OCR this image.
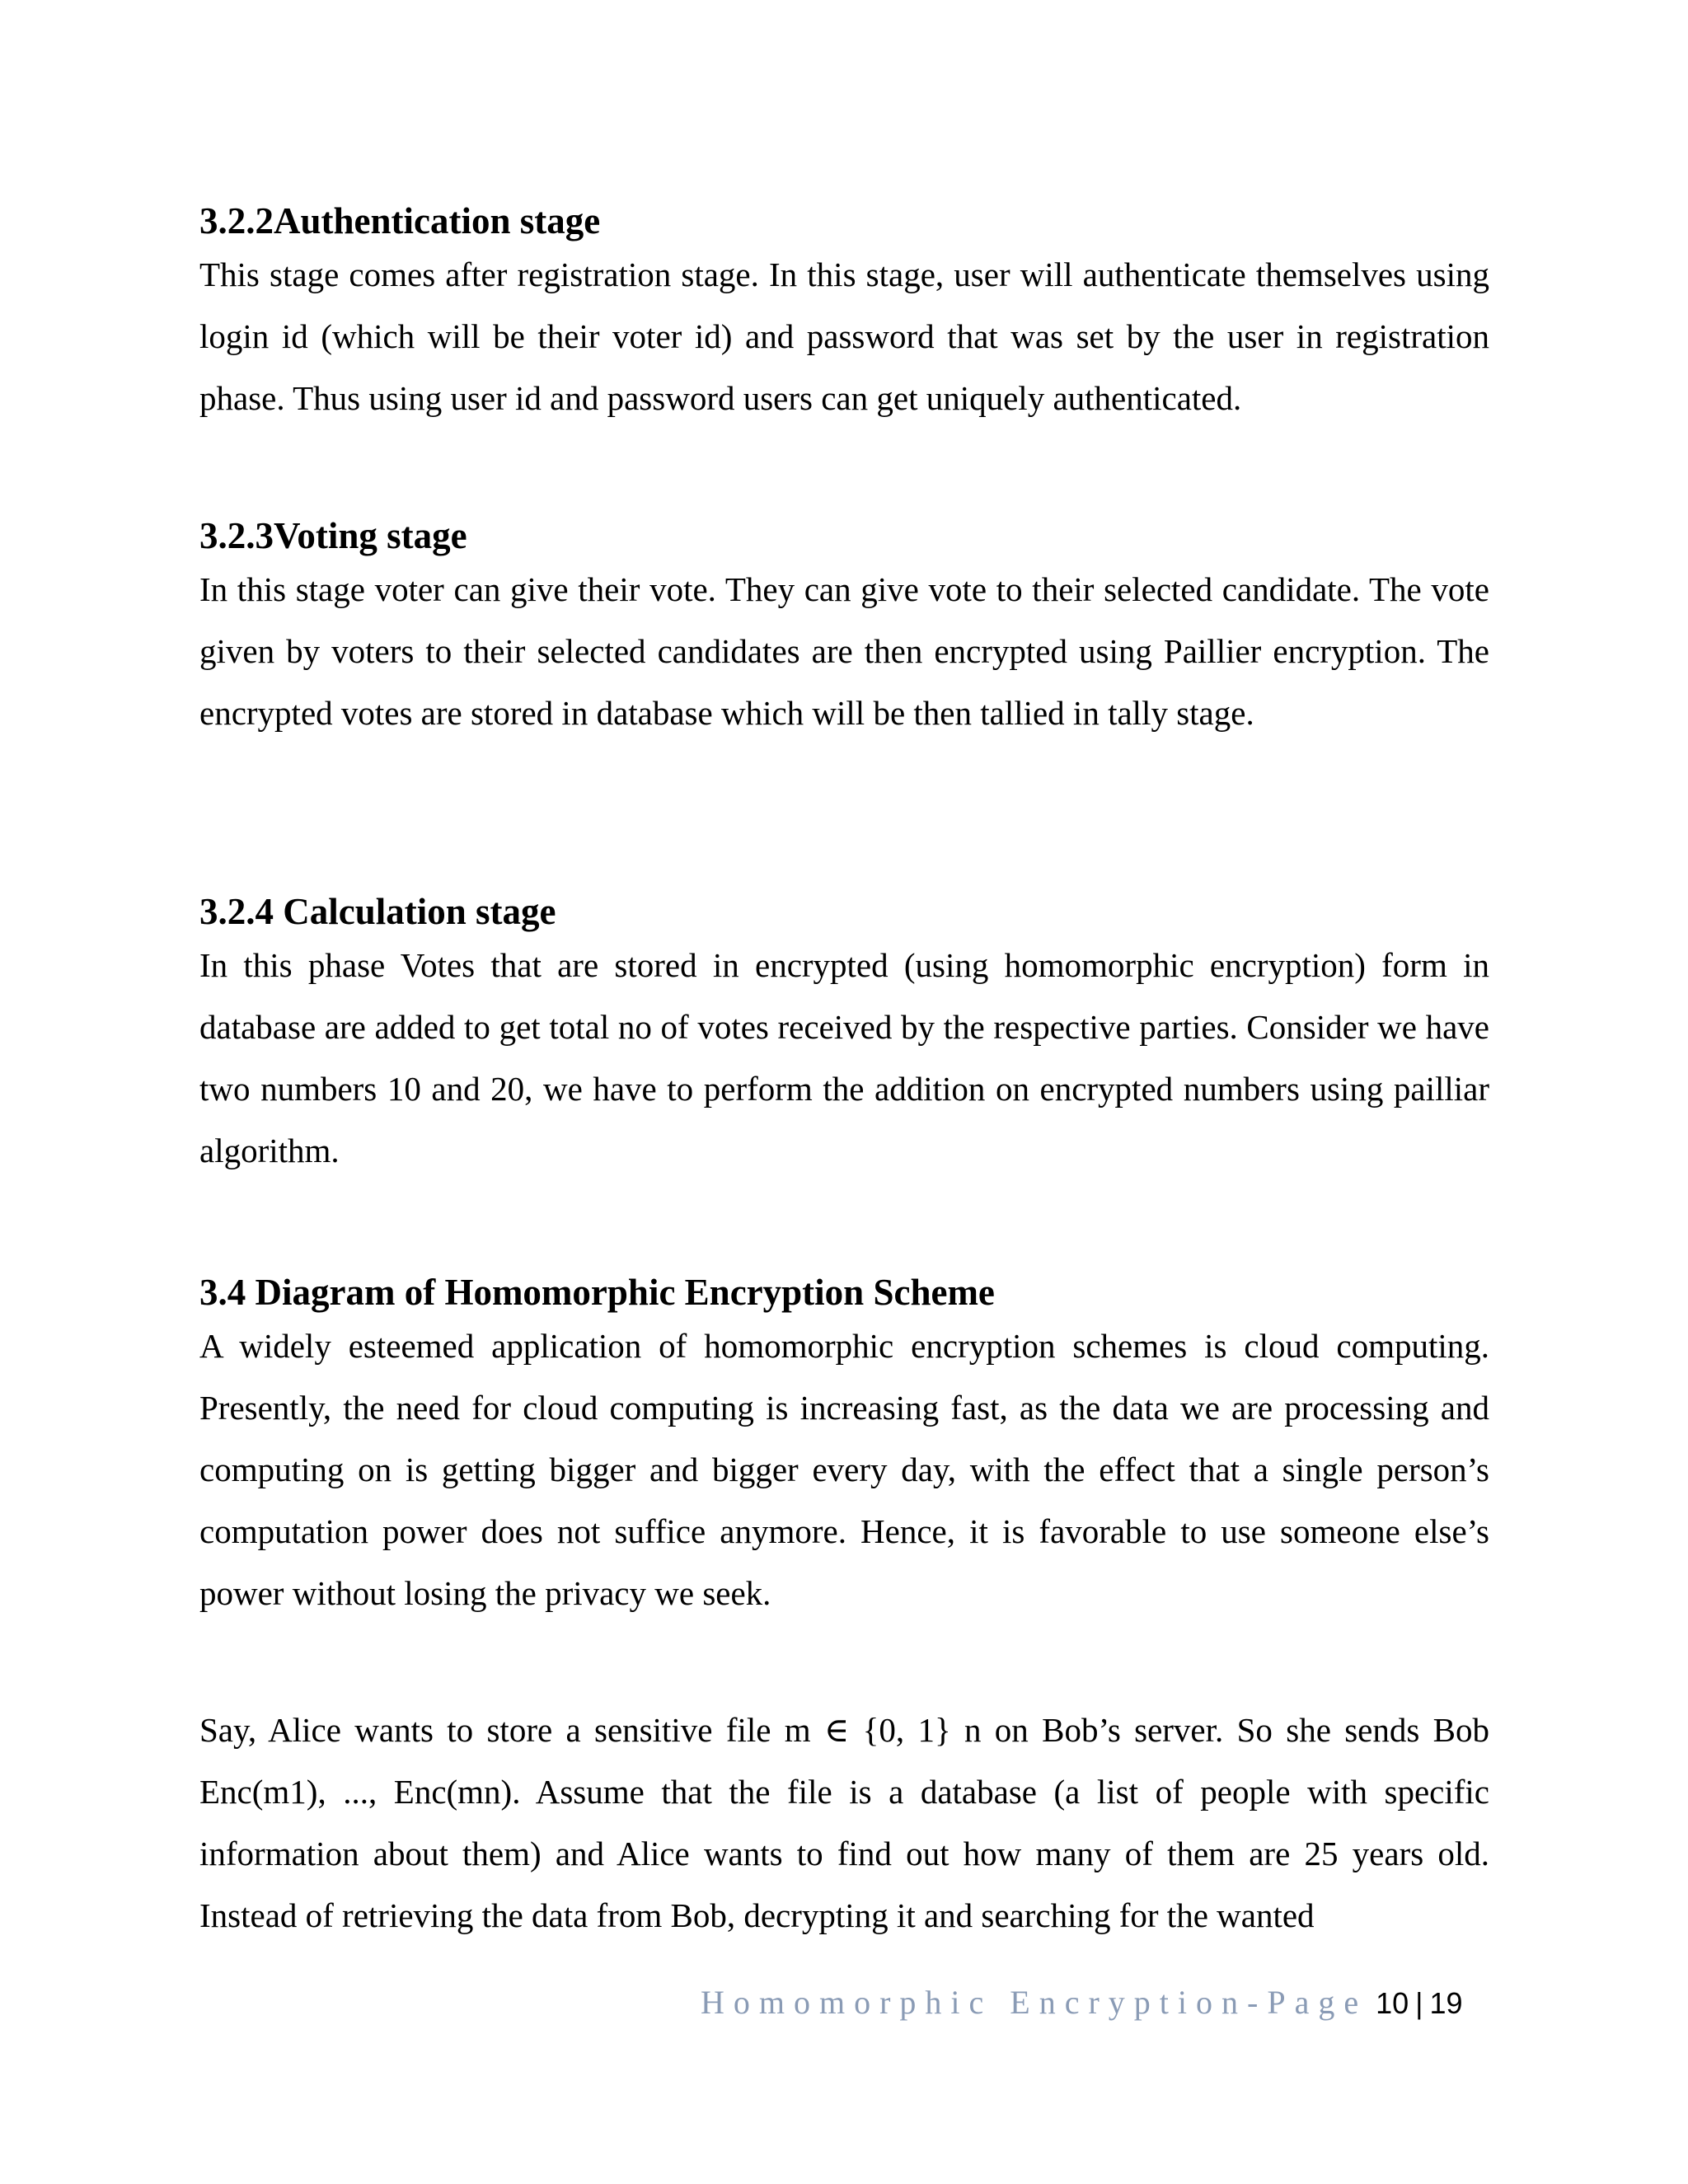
3.2.2Authentication stage

This stage comes after registration stage. In this stage, user will authenticate themselves using login id (which will be their voter id) and password that was set by the user in registration phase. Thus using user id and password users can get uniquely authenticated.

3.2.3Voting stage

In this stage voter can give their vote. They can give vote to their selected candidate. The vote given by voters to their selected candidates are then encrypted using Paillier encryption. The encrypted votes are stored in database which will be then tallied in tally stage.

3.2.4 Calculation stage

In this phase Votes that are stored in encrypted (using homomorphic encryption) form in database are added to get total no of votes received by the respective parties. Consider we have two numbers 10 and 20, we have to perform the addition on encrypted numbers using pailliar algorithm.

3.4 Diagram of Homomorphic Encryption Scheme

A widely esteemed application of homomorphic encryption schemes is cloud computing. Presently, the need for cloud computing is increasing fast, as the data we are processing and computing on is getting bigger and bigger every day, with the effect that a single person’s computation power does not suffice anymore. Hence, it is favorable to use someone else’s power without losing the privacy we seek.

Say, Alice wants to store a sensitive file m ∈ {0, 1} n on Bob’s server. So she sends Bob Enc(m1), ..., Enc(mn). Assume that the file is a database (a list of people with specific information about them) and Alice wants to find out how many of them are 25 years old. Instead of retrieving the data from Bob, decrypting it and searching for the wanted

Homomorphic Encryption-Page 10 | 19
